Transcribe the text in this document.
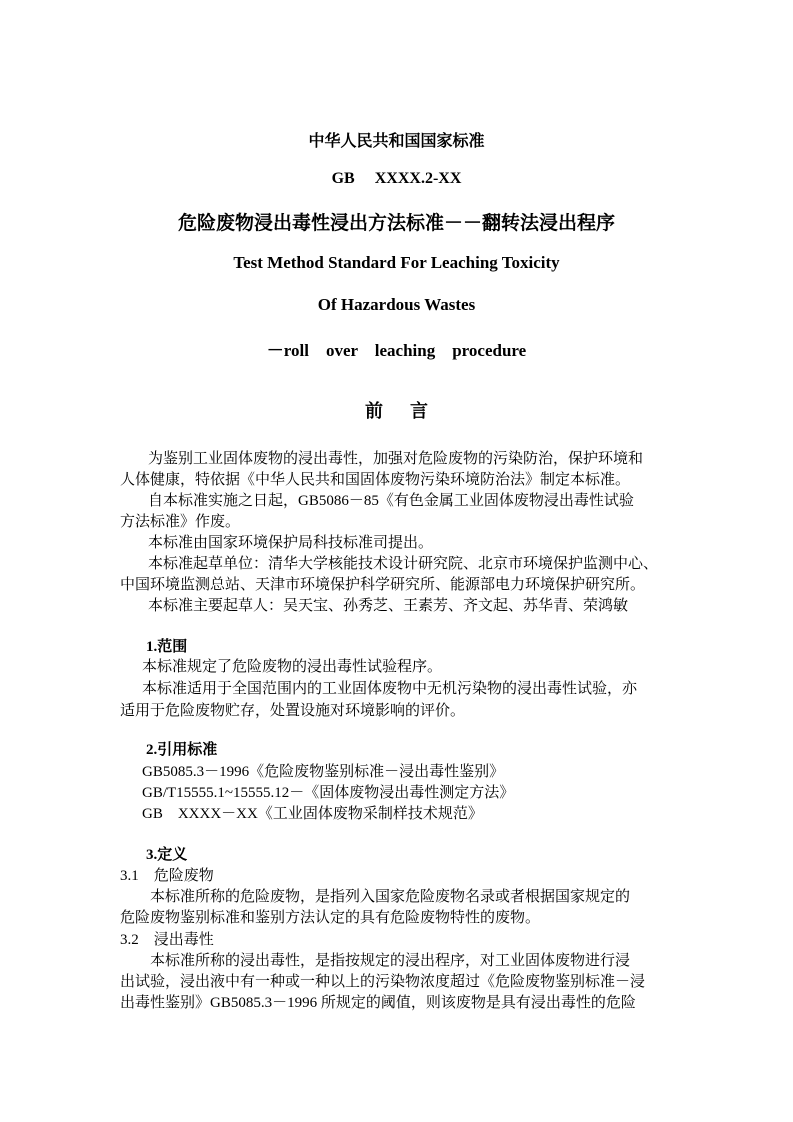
中华人民共和国国家标准
GB     XXXX.2-XX
危险废物浸出毒性浸出方法标准－－翻转法浸出程序
Test Method Standard For Leaching Toxicity
Of Hazardous Wastes
－roll    over    leaching    procedure
前      言
为鉴别工业固体废物的浸出毒性，加强对危险废物的污染防治，保护环境和
人体健康，特依据《中华人民共和国固体废物污染环境防治法》制定本标准。
自本标准实施之日起，GB5086－85《有色金属工业固体废物浸出毒性试验
方法标准》作废。
本标准由国家环境保护局科技标准司提出。
本标准起草单位：清华大学核能技术设计研究院、北京市环境保护监测中心、
中国环境监测总站、天津市环境保护科学研究所、能源部电力环境保护研究所。
本标准主要起草人：吴天宝、孙秀芝、王素芳、齐文起、苏华青、荣鸿敏
1.范围
本标准规定了危险废物的浸出毒性试验程序。
本标准适用于全国范围内的工业固体废物中无机污染物的浸出毒性试验，亦
适用于危险废物贮存，处置设施对环境影响的评价。
2.引用标准
GB5085.3－1996《危险废物鉴别标准－浸出毒性鉴别》
GB/T15555.1~15555.12－《固体废物浸出毒性测定方法》
GB    XXXX－XX《工业固体废物采制样技术规范》
3.定义
3.1    危险废物
本标准所称的危险废物，是指列入国家危险废物名录或者根据国家规定的
危险废物鉴别标准和鉴别方法认定的具有危险废物特性的废物。
3.2    浸出毒性
本标准所称的浸出毒性，是指按规定的浸出程序，对工业固体废物进行浸
出试验，浸出液中有一种或一种以上的污染物浓度超过《危险废物鉴别标准－浸
出毒性鉴别》GB5085.3－1996 所规定的阈值，则该废物是具有浸出毒性的危险
